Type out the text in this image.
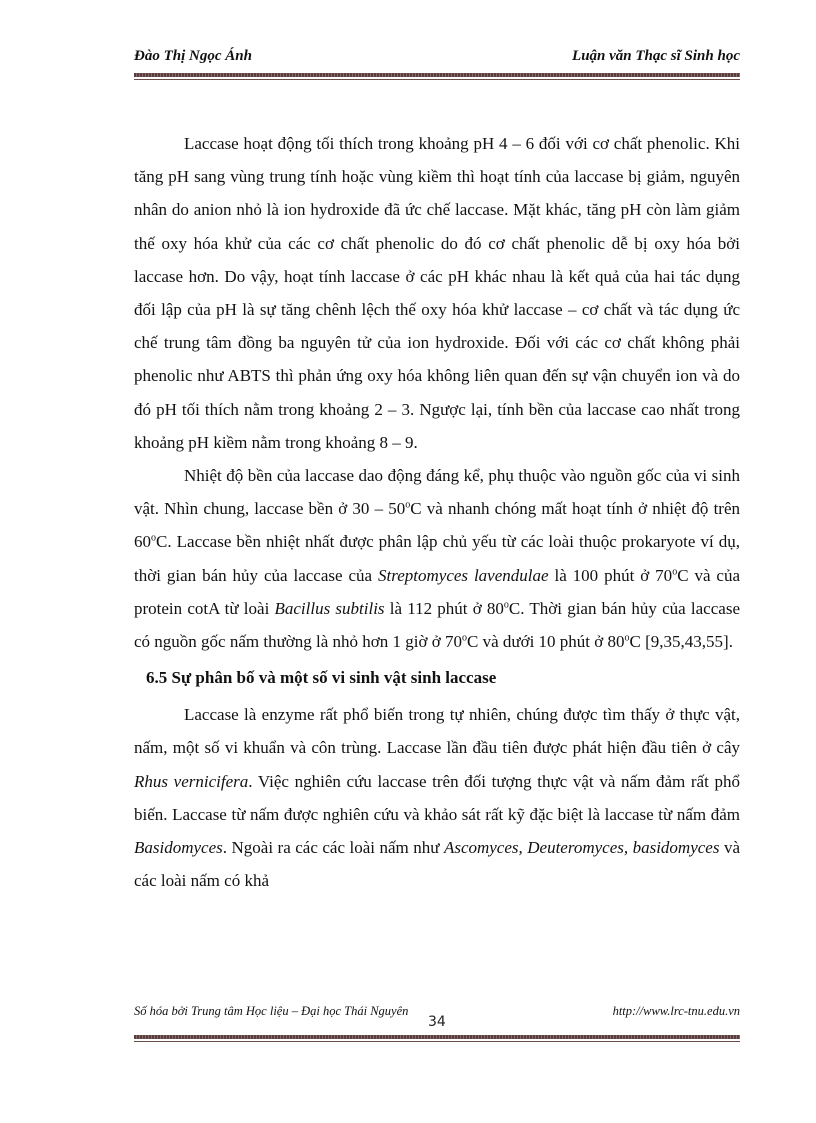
Đào Thị Ngọc Ánh	Luận văn Thạc sĩ Sinh học

Laccase hoạt động tối thích trong khoảng pH 4 – 6 đối với cơ chất phenolic. Khi tăng pH sang vùng trung tính hoặc vùng kiềm thì hoạt tính của laccase bị giảm, nguyên nhân do anion nhỏ là ion hydroxide đã ức chế laccase. Mặt khác, tăng pH còn làm giảm thế oxy hóa khử của các cơ chất phenolic do đó cơ chất phenolic dễ bị oxy hóa bởi laccase hơn. Do vậy, hoạt tính laccase ở các pH khác nhau là kết quả của hai tác dụng đối lập của pH là sự tăng chênh lệch thế oxy hóa khử laccase – cơ chất và tác dụng ức chế trung tâm đồng ba nguyên tử của ion hydroxide. Đối với các cơ chất không phải phenolic như ABTS thì phản ứng oxy hóa không liên quan đến sự vận chuyển ion và do đó pH tối thích nằm trong khoảng 2 – 3. Ngược lại, tính bền của laccase cao nhất trong khoảng pH kiềm nằm trong khoảng 8 – 9.

Nhiệt độ bền của laccase dao động đáng kể, phụ thuộc vào nguồn gốc của vi sinh vật. Nhìn chung, laccase bền ở 30 – 50$^o$C và nhanh chóng mất hoạt tính ở nhiệt độ trên 60$^o$C. Laccase bền nhiệt nhất được phân lập chủ yếu từ các loài thuộc prokaryote ví dụ, thời gian bán hủy của laccase của Streptomyces lavendulae là 100 phút ở 70$^o$C và của protein cotA từ loài Bacillus subtilis là 112 phút ở 80$^o$C. Thời gian bán hủy của laccase có nguồn gốc nấm thường là nhỏ hơn 1 giờ ở 70$^o$C và dưới 10 phút ở 80$^o$C [9,35,43,55].

6.5 Sự phân bố và một số vi sinh vật sinh laccase

Laccase là enzyme rất phổ biến trong tự nhiên, chúng được tìm thấy ở thực vật, nấm, một số vi khuẩn và côn trùng. Laccase lần đầu tiên được phát hiện đầu tiên ở cây Rhus vernicifera. Việc nghiên cứu laccase trên đối tượng thực vật và nấm đảm rất phổ biến. Laccase từ nấm được nghiên cứu và khảo sát rất kỹ đặc biệt là laccase từ nấm đảm Basidomyces. Ngoài ra các các loài nấm như Ascomyces, Deuteromyces, basidomyces và các loài nấm có khả

Số hóa bởi Trung tâm Học liệu – Đại học Thái Nguyên	http://www.lrc-tnu.edu.vn
34
